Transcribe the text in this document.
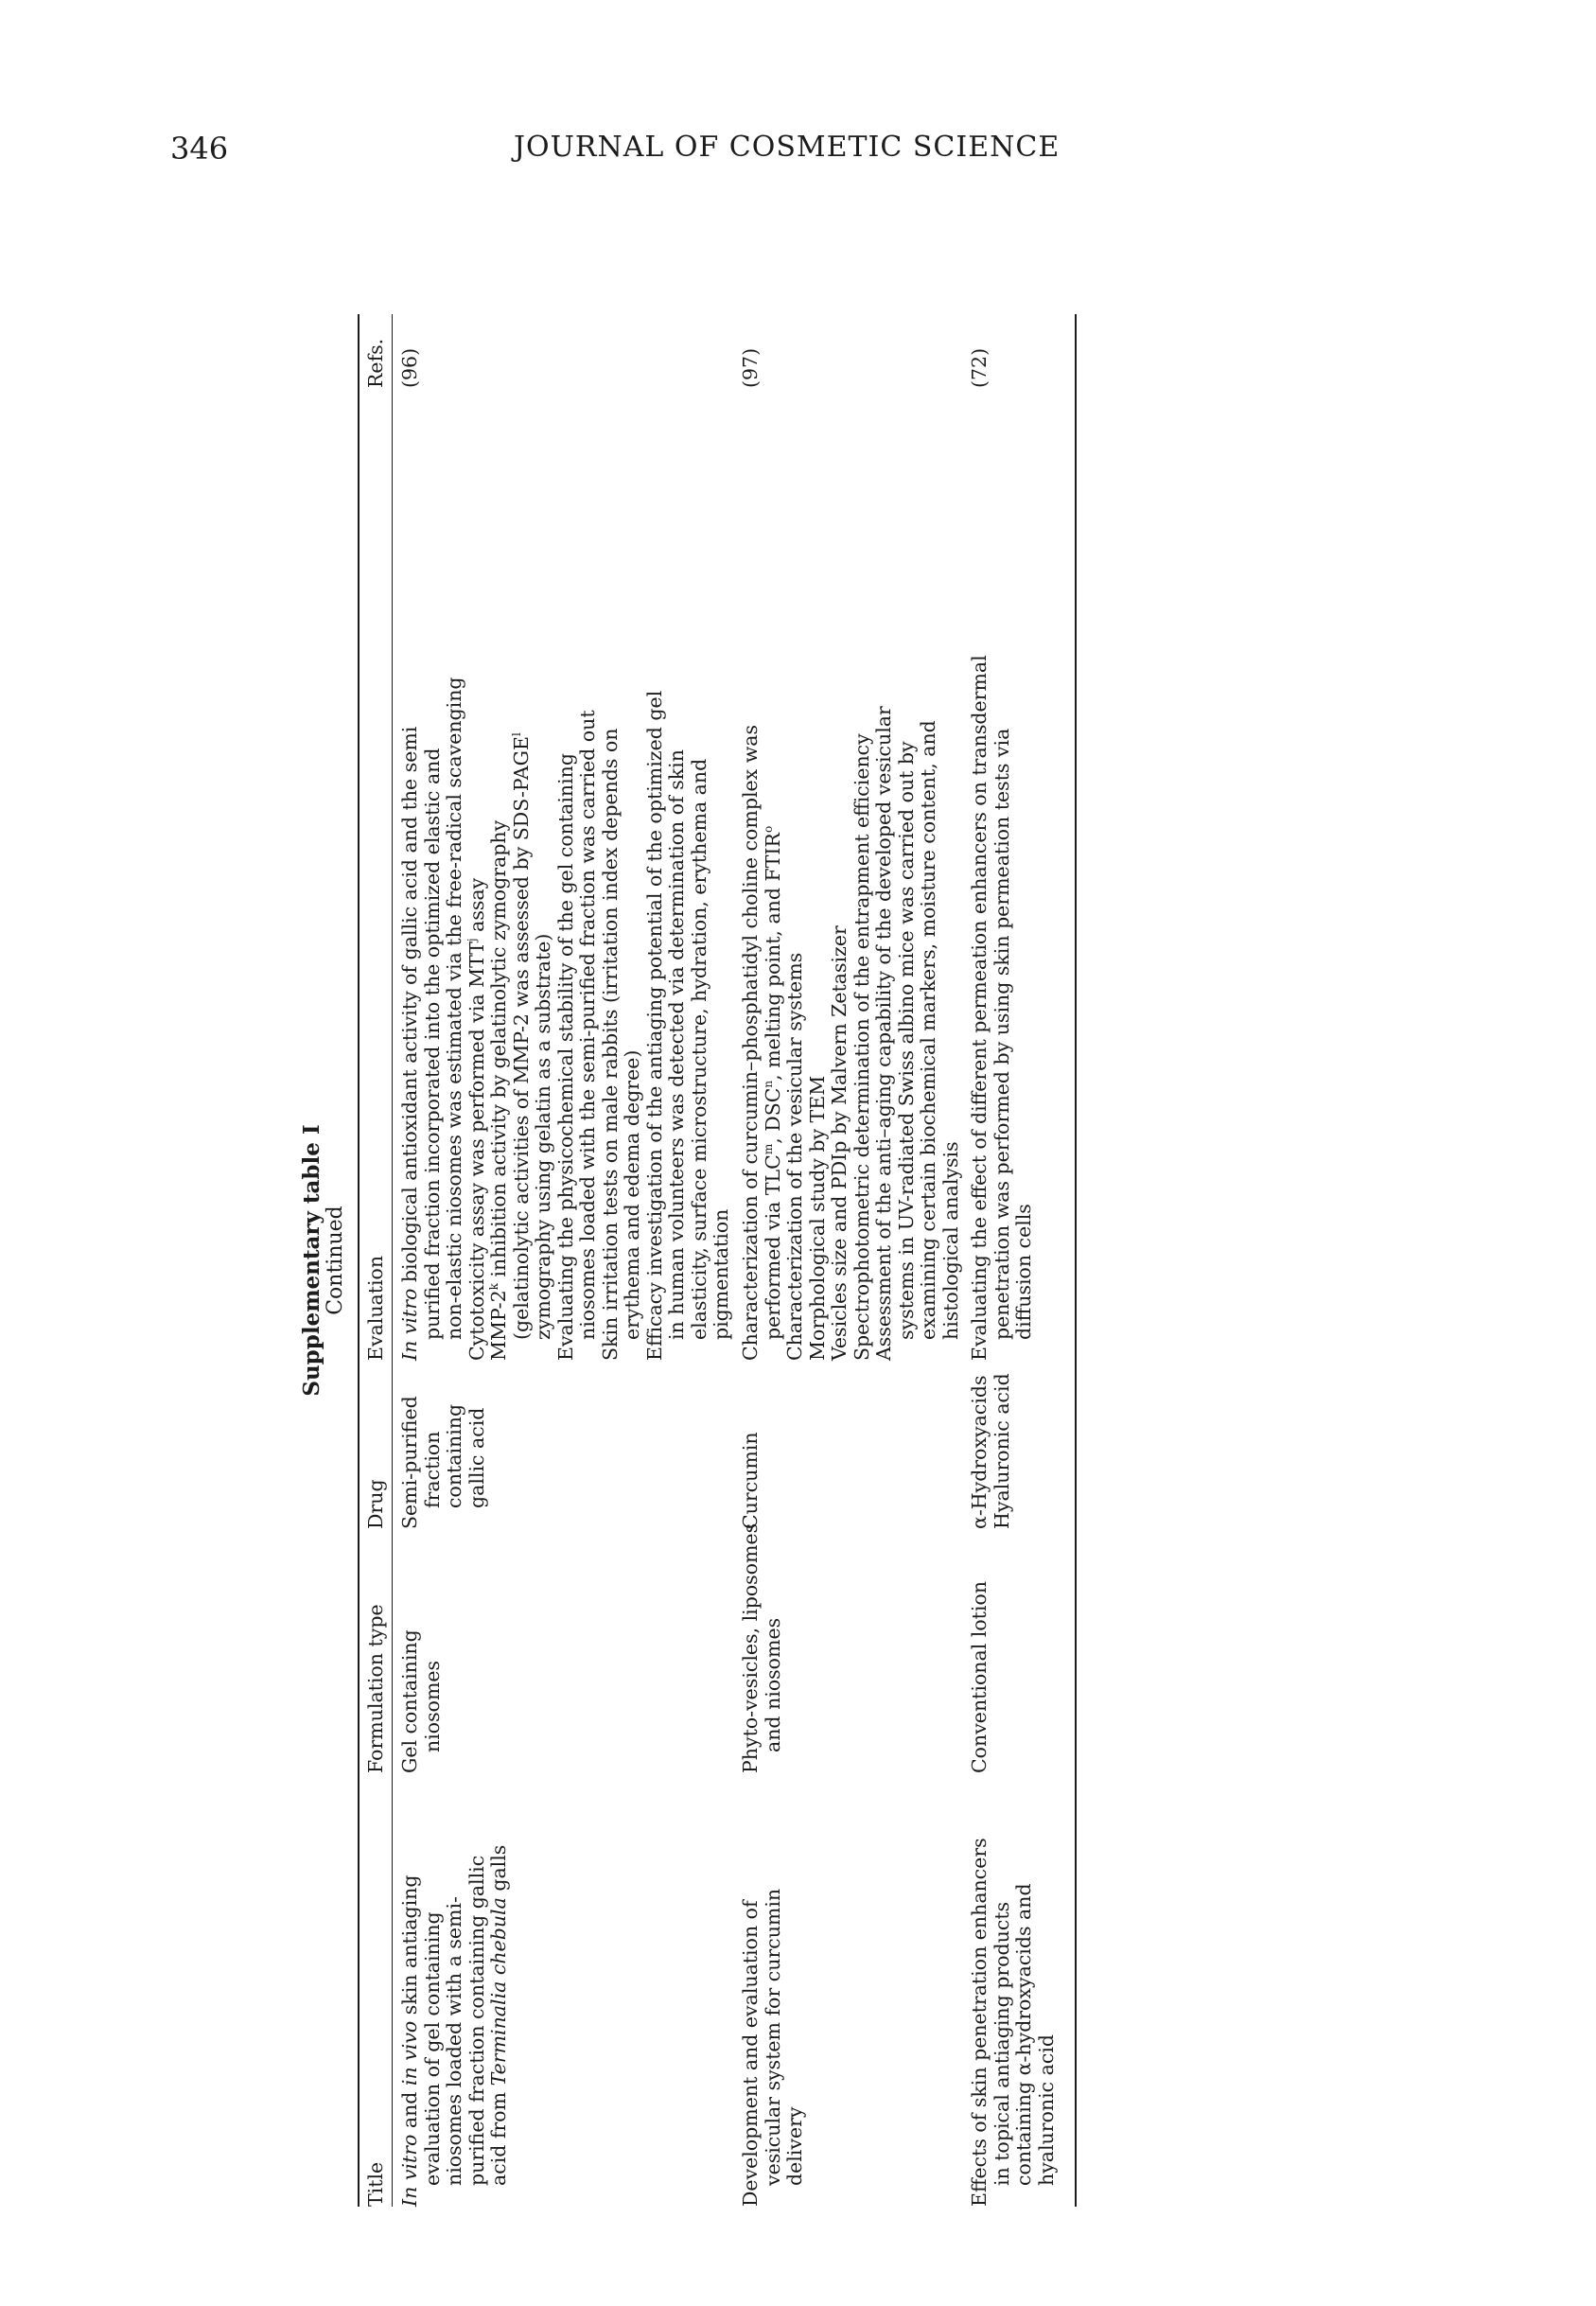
346	JOURNAL OF COSMETIC SCIENCE
Supplementary table I Continued
Title
Formulation type
Drug
Evaluation
Refs.
In vitro and in vivo skin antiaging evaluation of gel containing niosomes loaded with a semi- purified fraction containing gallic acid from Terminalia chebula galls
Gel containing niosomes
Semi-purified fraction containing gallic acid
In vitro biological antioxidant activity of gallic acid and the semi purified fraction incorporated into the optimized elastic and non-elastic niosomes was estimated via the free-radical scavenging Cytotoxicity assay was performed via MTT$^j$ assay
MMP-2$^k$ inhibition activity by gelatinolytic zymography (gelatinolytic activities of MMP-2 was assessed by SDS-PAGE$^l$
zymography using gelatin as a substrate) Evaluating the physicochemical stability of the gel containing niosomes loaded with the semi-purified fraction was carried out Skin irritation tests on male rabbits (irritation index depends on erythema and edema degree) Efficacy investigation of the antiaging potential of the optimized gel in human volunteers was detected via determination of skin elasticity, surface microstructure, hydration, erythema and pigmentation
(96)
Development and evaluation of vesicular system for curcumin delivery
Phyto-vesicles, liposomes and niosomes
Curcumin
Characterization of curcumin–phosphatidyl choline complex was performed via TLC$^m$, DSC$^n$, melting point, and FTIR$^o$
Characterization of the vesicular systems Morphological study by TEM Vesicles size and PDIp by Malvern Zetasizer Spectrophotometric determination of the entrapment efficiency Assessment of the anti–aging capability of the developed vesicular systems in UV-radiated Swiss albino mice was carried out by examining certain biochemical markers, moisture content, and histological analysis
(97)
Effects of skin penetration enhancers in topical antiaging products containing α-hydroxyacids and hyaluronic acid
Conventional lotion
α-Hydroxyacids Hyaluronic acid
Evaluating the effect of different permeation enhancers on transdermal penetration was performed by using skin permeation tests via diffusion cells
(72)
